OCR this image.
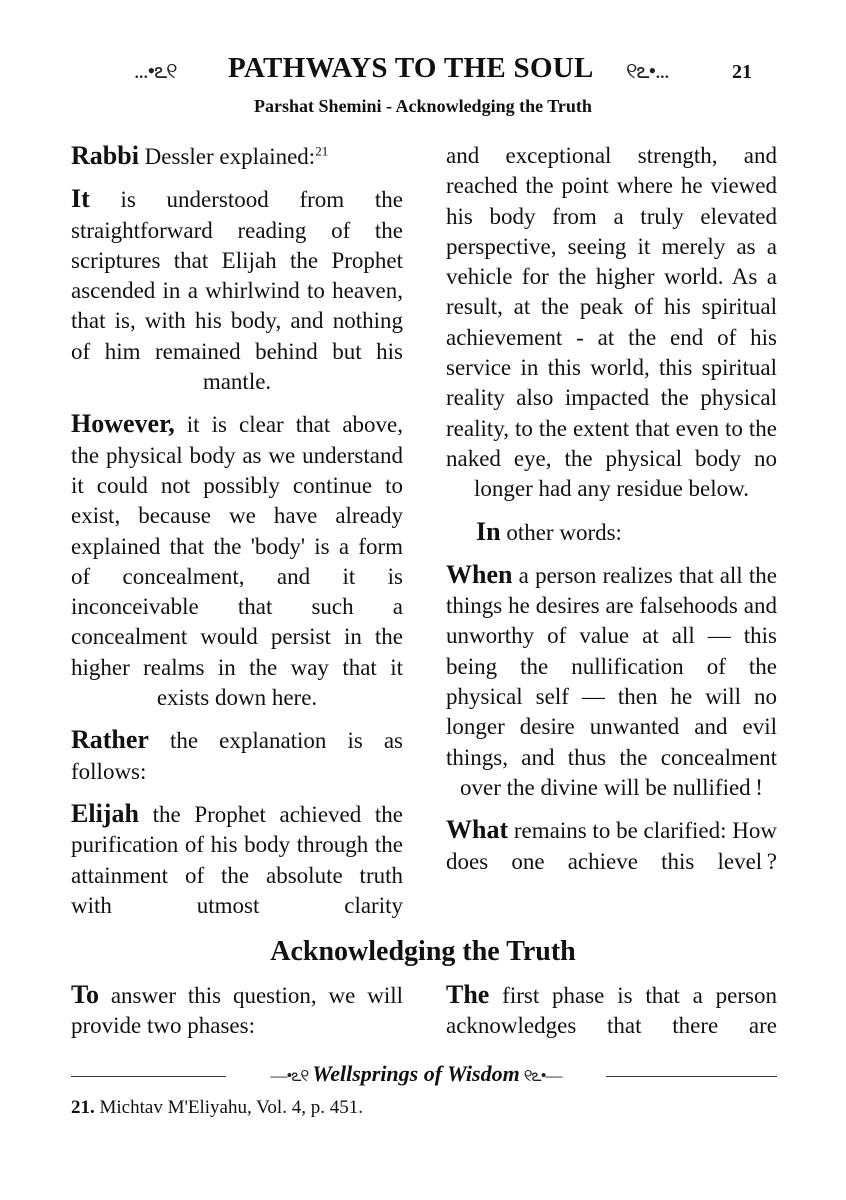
...•ఽ୧ PATHWAYS TO THE SOUL ୧ఽ•...	21
Parshat Shemini - Acknowledging the Truth

Rabbi Dessler explained:$^{21}$

It is understood from the straightforward reading of the scriptures that Elijah the Prophet ascended in a whirlwind to heaven, that is, with his body, and nothing of him remained behind but his mantle.

However, it is clear that above, the physical body as we understand it could not possibly continue to exist, because we have already explained that the 'body' is a form of concealment, and it is inconceivable that such a concealment would persist in the higher realms in the way that it exists down here.

Rather the explanation is as follows:

Elijah the Prophet achieved the purification of his body through the attainment of the absolute truth with utmost clarity

and exceptional strength, and reached the point where he viewed his body from a truly elevated perspective, seeing it merely as a vehicle for the higher world. As a result, at the peak of his spiritual achievement - at the end of his service in this world, this spiritual reality also impacted the physical reality, to the extent that even to the naked eye, the physical body no longer had any residue below.

In other words:

When a person realizes that all the things he desires are falsehoods and unworthy of value at all — this being the nullification of the physical self — then he will no longer desire unwanted and evil things, and thus the concealment over the divine will be nullified !

What remains to be clarified: How does one achieve this level ?

Acknowledging the Truth

To answer this question, we will provide two phases:

The first phase is that a person acknowledges that there are

—•ఽ୧ Wellsprings of Wisdom ୧ఽ•—
21. Michtav M'Eliyahu, Vol. 4, p. 451.
